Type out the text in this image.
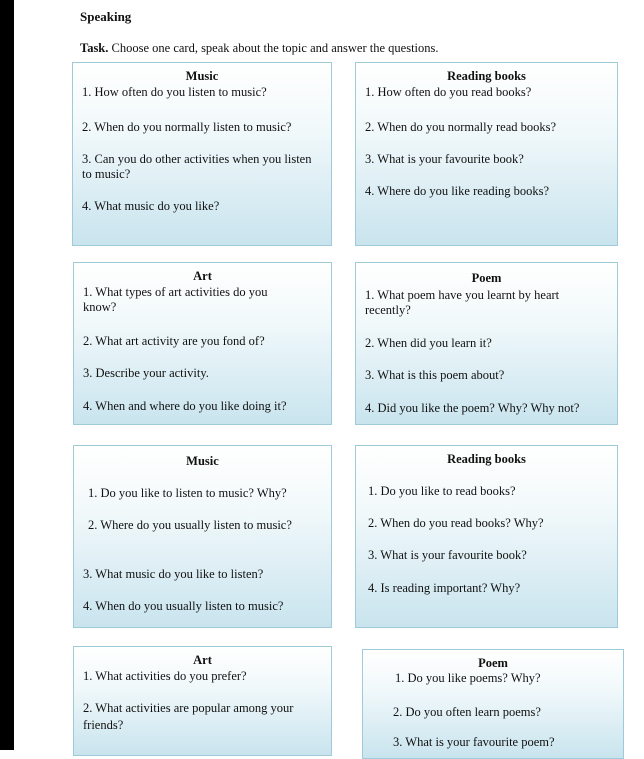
Speaking
Task. Choose one card, speak about the topic and answer the questions.
Music
1. How often do you listen to music?
2. When do you normally listen to music?
3. Can you do other activities when you listen to music?
4. What music do you like?
Reading books
1. How often do you read books?
2. When do you normally read books?
3. What is your favourite book?
4. Where do you like reading books?
Art
1. What types of art activities do you know?
2. What art activity are you fond of?
3. Describe your activity.
4. When and where do you like doing it?
Poem
1. What poem have you learnt by heart recently?
2. When did you learn it?
3. What is this poem about?
4. Did you like the poem? Why? Why not?
Music
1. Do you like to listen to music? Why?
2. Where do you usually listen to music?
3. What music do you like to listen?
4. When do you usually listen to music?
Reading books
1. Do you like to read books?
2. When do you read books? Why?
3. What is your favourite book?
4. Is reading important? Why?
Art
1. What activities do you prefer?
2. What activities are popular among your friends?
Poem
1. Do you like poems? Why?
2. Do you often learn poems?
3. What is your favourite poem?
